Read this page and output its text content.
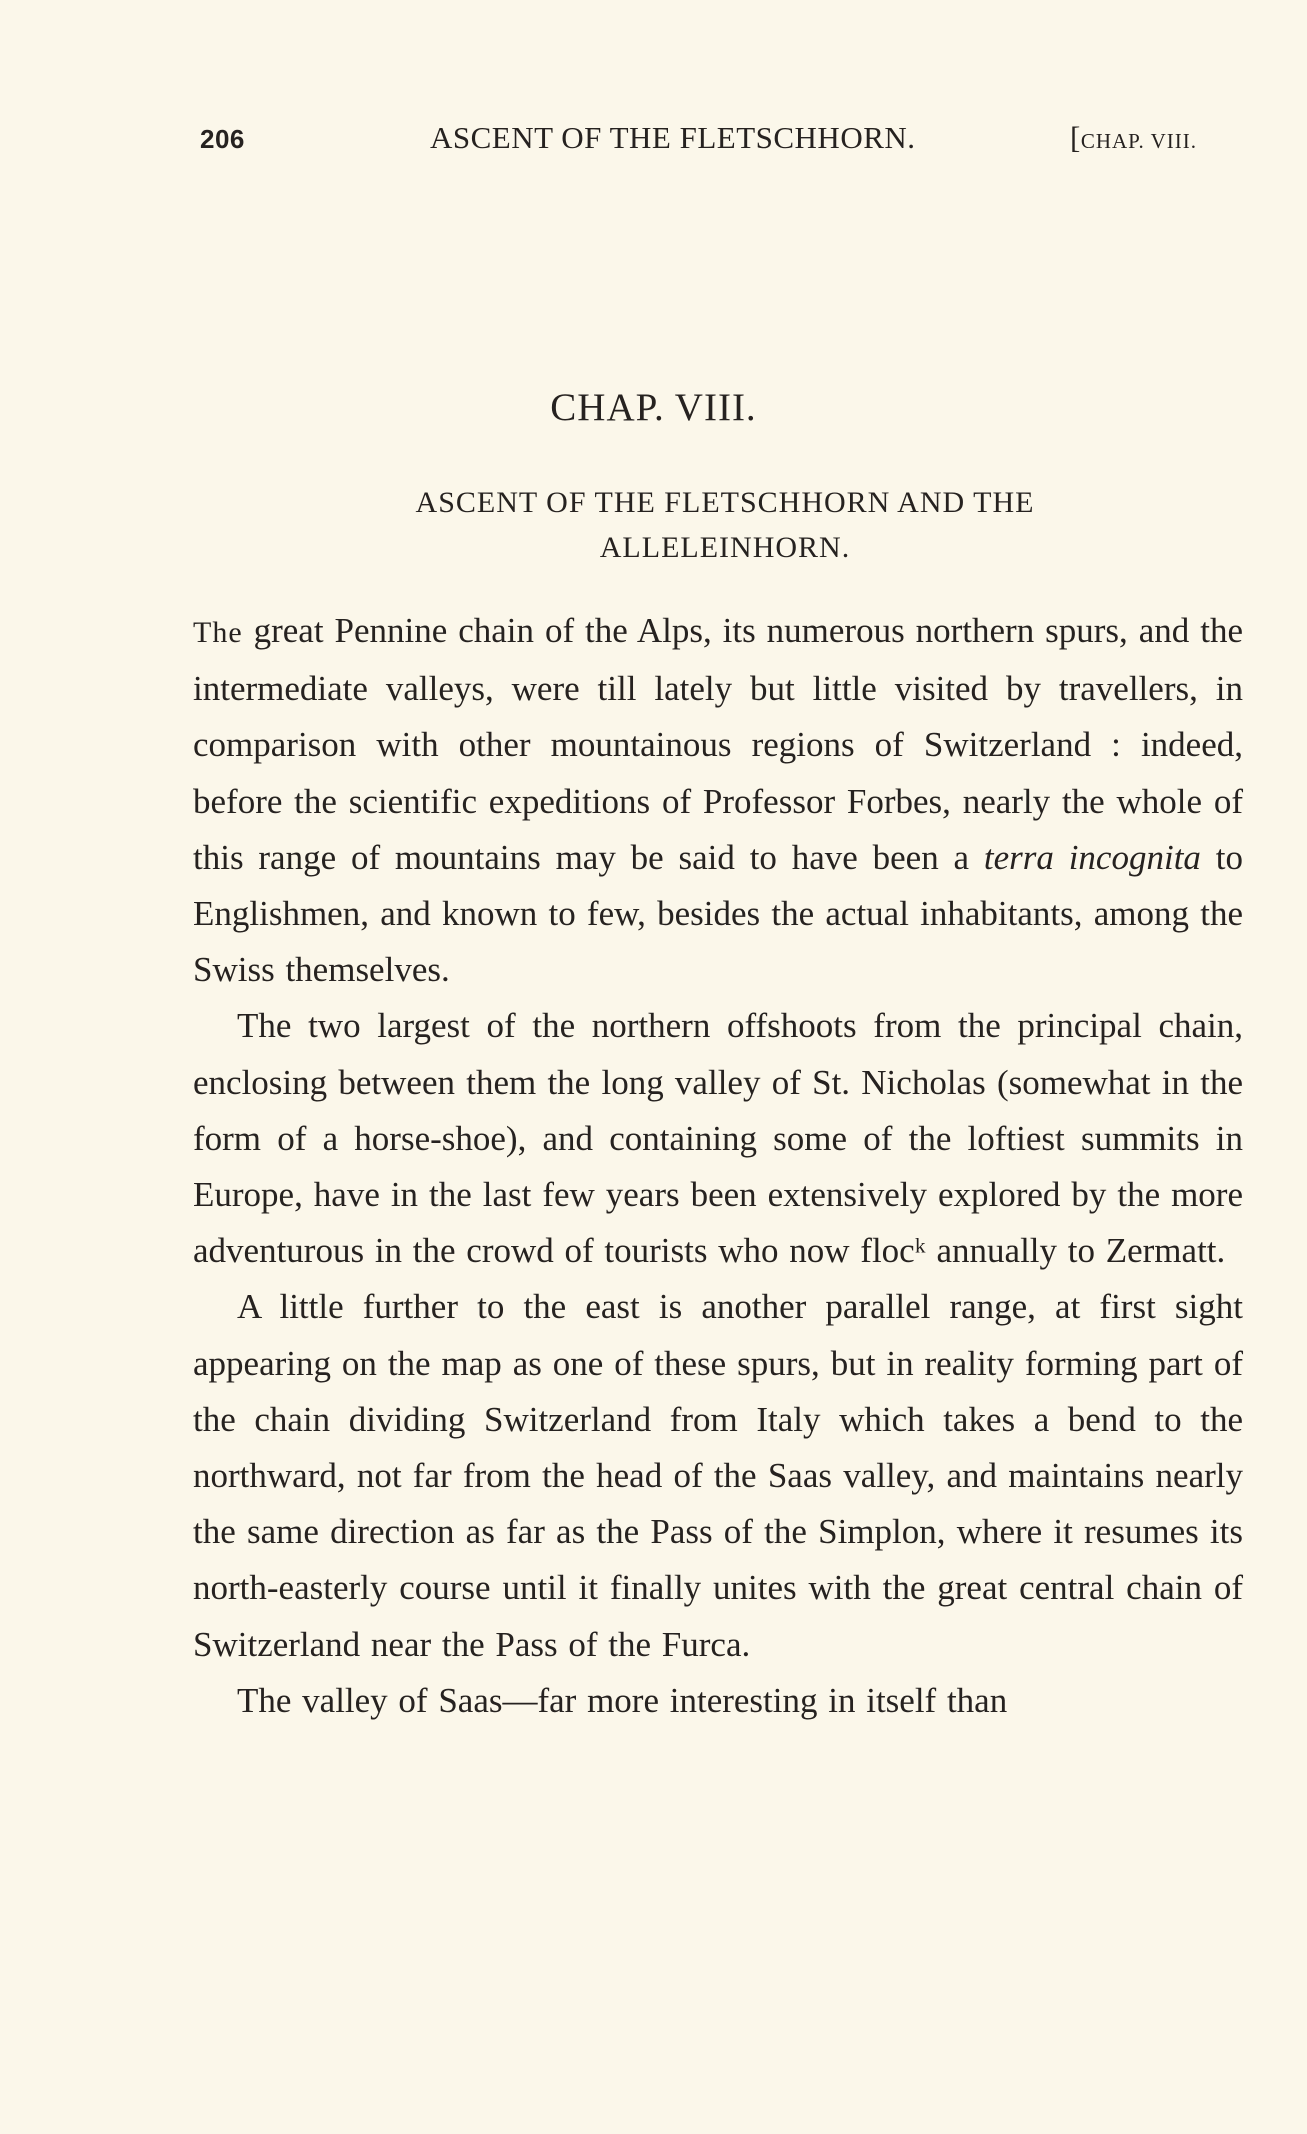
206	ASCENT OF THE FLETSCHHORN.	[CHAP. VIII.
CHAP. VIII.
ASCENT OF THE FLETSCHHORN AND THE ALLELEINHORN.

The great Pennine chain of the Alps, its numerous northern spurs, and the intermediate valleys, were till lately but little visited by travellers, in comparison with other mountainous regions of Switzerland : indeed, before the scientific expeditions of Professor Forbes, nearly the whole of this range of mountains may be said to have been a terra incognita to Englishmen, and known to few, besides the actual inhabitants, among the Swiss themselves.

The two largest of the northern offshoots from the principal chain, enclosing between them the long valley of St. Nicholas (somewhat in the form of a horse-shoe), and containing some of the loftiest summits in Europe, have in the last few years been extensively explored by the more adventurous in the crowd of tourists who now flocᵏ annually to Zermatt.

A little further to the east is another parallel range, at first sight appearing on the map as one of these spurs, but in reality forming part of the chain dividing Switzerland from Italy which takes a bend to the northward, not far from the head of the Saas valley, and maintains nearly the same direction as far as the Pass of the Simplon, where it resumes its north-easterly course until it finally unites with the great central chain of Switzerland near the Pass of the Furca.

The valley of Saas—far more interesting in itself than
